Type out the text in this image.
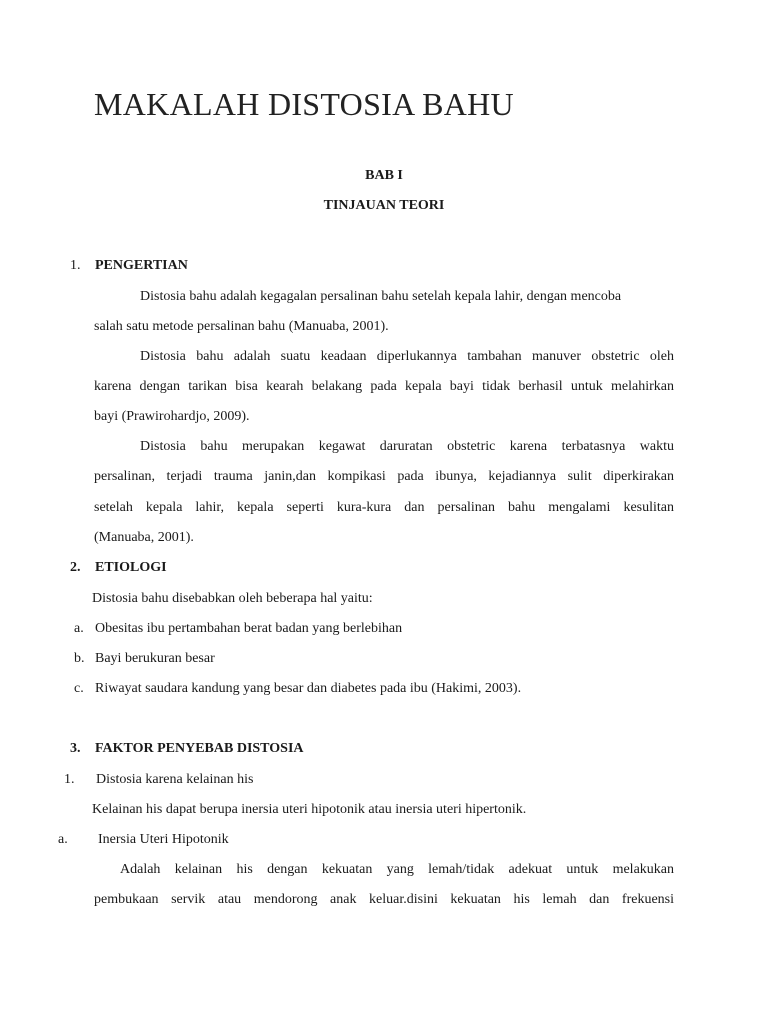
MAKALAH DISTOSIA BAHU
BAB I
TINJAUAN TEORI
1. PENGERTIAN
Distosia bahu adalah kegagalan persalinan bahu setelah kepala lahir, dengan mencoba
salah satu metode persalinan bahu (Manuaba, 2001).
Distosia bahu adalah suatu keadaan diperlukannya tambahan manuver obstetric oleh
karena dengan tarikan bisa kearah belakang pada kepala bayi tidak berhasil untuk melahirkan
bayi (Prawirohardjo, 2009).
Distosia bahu merupakan kegawat daruratan obstetric karena terbatasnya waktu
persalinan, terjadi trauma janin,dan kompikasi pada ibunya, kejadiannya sulit diperkirakan
setelah kepala lahir, kepala seperti kura-kura dan persalinan bahu mengalami kesulitan
(Manuaba, 2001).
2. ETIOLOGI
Distosia bahu disebabkan oleh beberapa hal yaitu:
a. Obesitas ibu pertambahan berat badan yang berlebihan
b. Bayi berukuran besar
c. Riwayat saudara kandung yang besar dan diabetes pada ibu (Hakimi, 2003).
3. FAKTOR PENYEBAB DISTOSIA
1. Distosia karena kelainan his
Kelainan his dapat berupa inersia uteri hipotonik atau inersia uteri hipertonik.
a. Inersia Uteri Hipotonik
Adalah kelainan his dengan kekuatan yang lemah/tidak adekuat untuk melakukan
pembukaan servik atau mendorong anak keluar.disini kekuatan his lemah dan frekuensi
